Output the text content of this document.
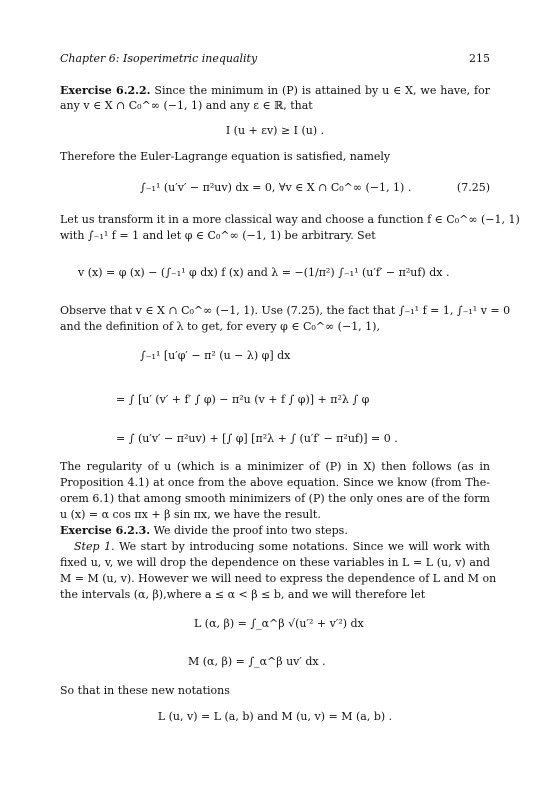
Chapter 6: Isoperimetric inequality	215
Exercise 6.2.2. Since the minimum in (P) is attained by u ∈ X, we have, for
any v ∈ X ∩ C₀^∞ (−1, 1) and any ε ∈ ℝ, that
I (u + εv) ≥ I (u) .
Therefore the Euler-Lagrange equation is satisfied, namely
∫₋₁¹ (u′v′ − π²uv) dx = 0, ∀v ∈ X ∩ C₀^∞ (−1, 1) .	(7.25)
Let us transform it in a more classical way and choose a function f ∈ C₀^∞ (−1, 1)
with ∫₋₁¹ f = 1 and let φ ∈ C₀^∞ (−1, 1) be arbitrary. Set
v (x) = φ (x) − (∫₋₁¹ φ dx) f (x) and λ = −(1/π²) ∫₋₁¹ (u′f′ − π²uf) dx .
Observe that v ∈ X ∩ C₀^∞ (−1, 1). Use (7.25), the fact that ∫₋₁¹ f = 1, ∫₋₁¹ v = 0
and the definition of λ to get, for every φ ∈ C₀^∞ (−1, 1),
∫₋₁¹ [u′φ′ − π² (u − λ) φ] dx
= ∫ [u′ (v′ + f′ ∫ φ) − π²u (v + f ∫ φ)] + π²λ ∫ φ
= ∫ (u′v′ − π²uv) + [∫ φ] [π²λ + ∫ (u′f′ − π²uf)] = 0 .
The regularity of u (which is a minimizer of (P) in X) then follows (as in
Proposition 4.1) at once from the above equation. Since we know (from The-
orem 6.1) that among smooth minimizers of (P) the only ones are of the form
u (x) = α cos πx + β sin πx, we have the result.
Exercise 6.2.3. We divide the proof into two steps.
Step 1. We start by introducing some notations. Since we will work with
fixed u, v, we will drop the dependence on these variables in L = L (u, v) and
M = M (u, v). However we will need to express the dependence of L and M on
the intervals (α, β),where a ≤ α < β ≤ b, and we will therefore let
L (α, β) = ∫_α^β √(u′² + v′²) dx
M (α, β) = ∫_α^β uv′ dx .
So that in these new notations
L (u, v) = L (a, b) and M (u, v) = M (a, b) .
